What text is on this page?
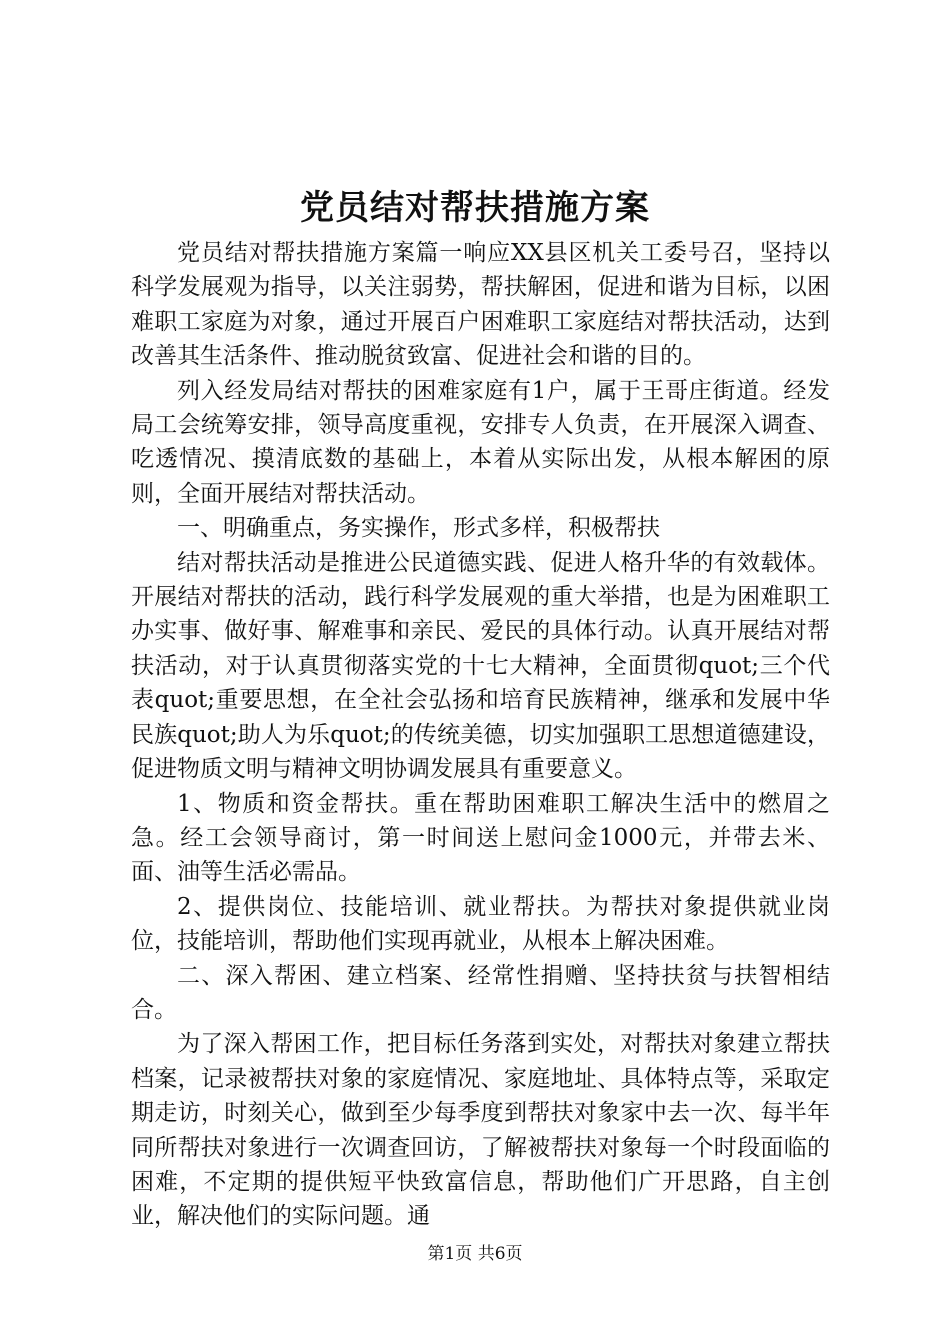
党员结对帮扶措施方案

党员结对帮扶措施方案篇一响应XX县区机关工委号召，坚持以科学发展观为指导，以关注弱势，帮扶解困，促进和谐为目标，以困难职工家庭为对象，通过开展百户困难职工家庭结对帮扶活动，达到改善其生活条件、推动脱贫致富、促进社会和谐的目的。

列入经发局结对帮扶的困难家庭有1户，属于王哥庄街道。经发局工会统筹安排，领导高度重视，安排专人负责，在开展深入调查、吃透情况、摸清底数的基础上，本着从实际出发，从根本解困的原则，全面开展结对帮扶活动。

一、明确重点，务实操作，形式多样，积极帮扶

结对帮扶活动是推进公民道德实践、促进人格升华的有效载体。开展结对帮扶的活动，践行科学发展观的重大举措，也是为困难职工办实事、做好事、解难事和亲民、爱民的具体行动。认真开展结对帮扶活动，对于认真贯彻落实党的十七大精神，全面贯彻quot;三个代表quot;重要思想，在全社会弘扬和培育民族精神，继承和发展中华民族quot;助人为乐quot;的传统美德，切实加强职工思想道德建设，促进物质文明与精神文明协调发展具有重要意义。

1、物质和资金帮扶。重在帮助困难职工解决生活中的燃眉之急。经工会领导商讨，第一时间送上慰问金1000元，并带去米、面、油等生活必需品。

2、提供岗位、技能培训、就业帮扶。为帮扶对象提供就业岗位，技能培训，帮助他们实现再就业，从根本上解决困难。

二、深入帮困、建立档案、经常性捐赠、坚持扶贫与扶智相结合。

为了深入帮困工作，把目标任务落到实处，对帮扶对象建立帮扶档案，记录被帮扶对象的家庭情况、家庭地址、具体特点等，采取定期走访，时刻关心，做到至少每季度到帮扶对象家中去一次、每半年同所帮扶对象进行一次调查回访，了解被帮扶对象每一个时段面临的困难，不定期的提供短平快致富信息，帮助他们广开思路，自主创业，解决他们的实际问题。通

第1页 共6页
